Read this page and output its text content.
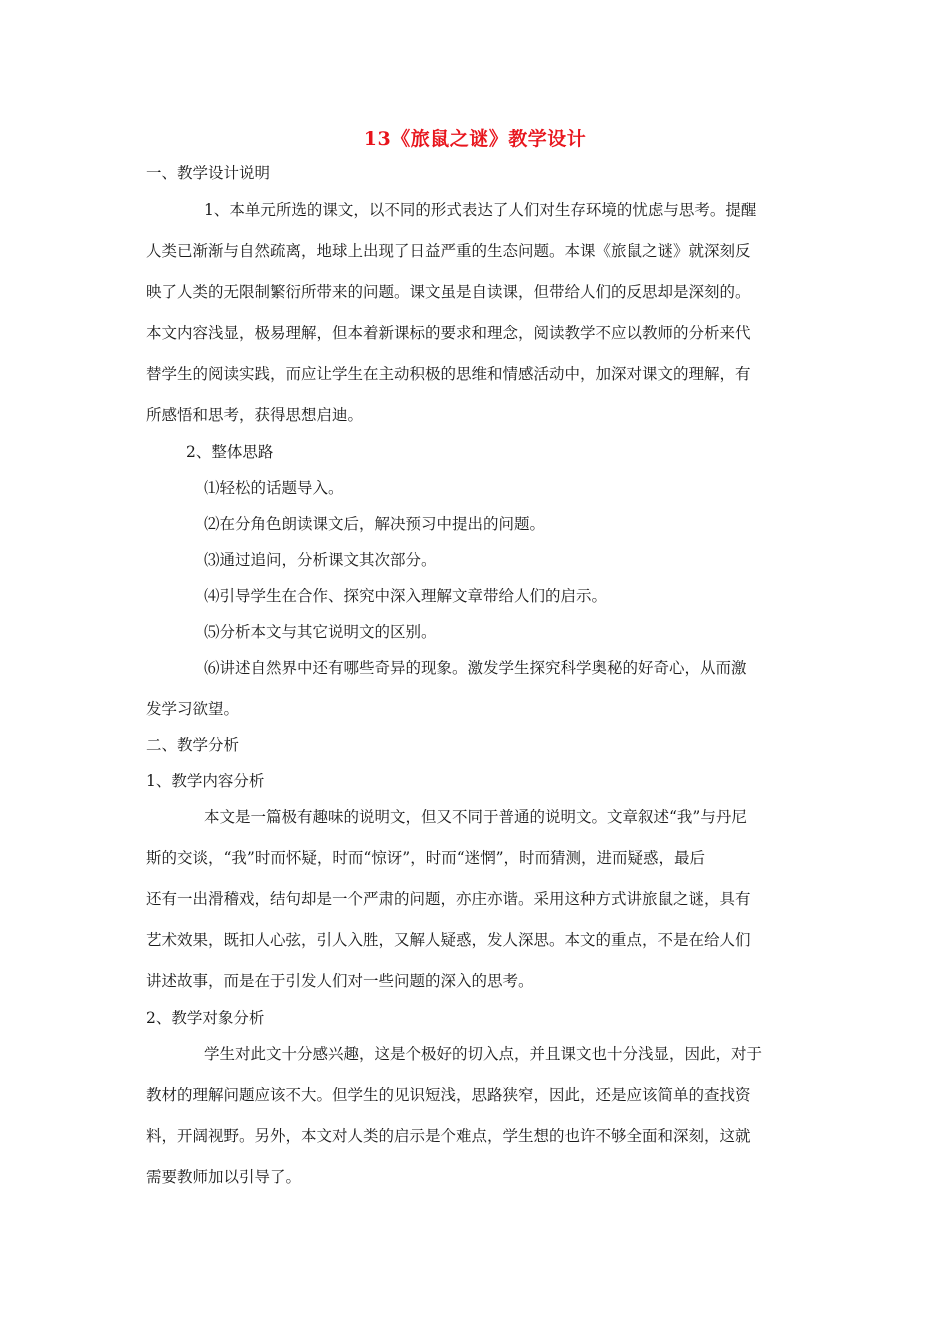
13《旅鼠之谜》教学设计
一、教学设计说明
1、本单元所选的课文，以不同的形式表达了人们对生存环境的忧虑与思考。提醒
人类已渐渐与自然疏离，地球上出现了日益严重的生态问题。本课《旅鼠之谜》就深刻反
映了人类的无限制繁衍所带来的问题。课文虽是自读课，但带给人们的反思却是深刻的。
本文内容浅显，极易理解，但本着新课标的要求和理念，阅读教学不应以教师的分析来代
替学生的阅读实践，而应让学生在主动积极的思维和情感活动中，加深对课文的理解，有
所感悟和思考，获得思想启迪。
2、整体思路
⑴轻松的话题导入。
⑵在分角色朗读课文后，解决预习中提出的问题。
⑶通过追问，分析课文其次部分。
⑷引导学生在合作、探究中深入理解文章带给人们的启示。
⑸分析本文与其它说明文的区别。
⑹讲述自然界中还有哪些奇异的现象。激发学生探究科学奥秘的好奇心，从而激
发学习欲望。
二、教学分析
1、教学内容分析
本文是一篇极有趣味的说明文，但又不同于普通的说明文。文章叙述“我”与丹尼
斯的交谈，“我”时而怀疑，时而“惊讶”，时而“迷惘”，时而猜测，进而疑惑，最后
还有一出滑稽戏，结句却是一个严肃的问题，亦庄亦谐。采用这种方式讲旅鼠之谜，具有
艺术效果，既扣人心弦，引人入胜，又解人疑惑，发人深思。本文的重点，不是在给人们
讲述故事，而是在于引发人们对一些问题的深入的思考。
2、教学对象分析
学生对此文十分感兴趣，这是个极好的切入点，并且课文也十分浅显，因此，对于
教材的理解问题应该不大。但学生的见识短浅，思路狭窄，因此，还是应该简单的查找资
料，开阔视野。另外，本文对人类的启示是个难点，学生想的也许不够全面和深刻，这就
需要教师加以引导了。
